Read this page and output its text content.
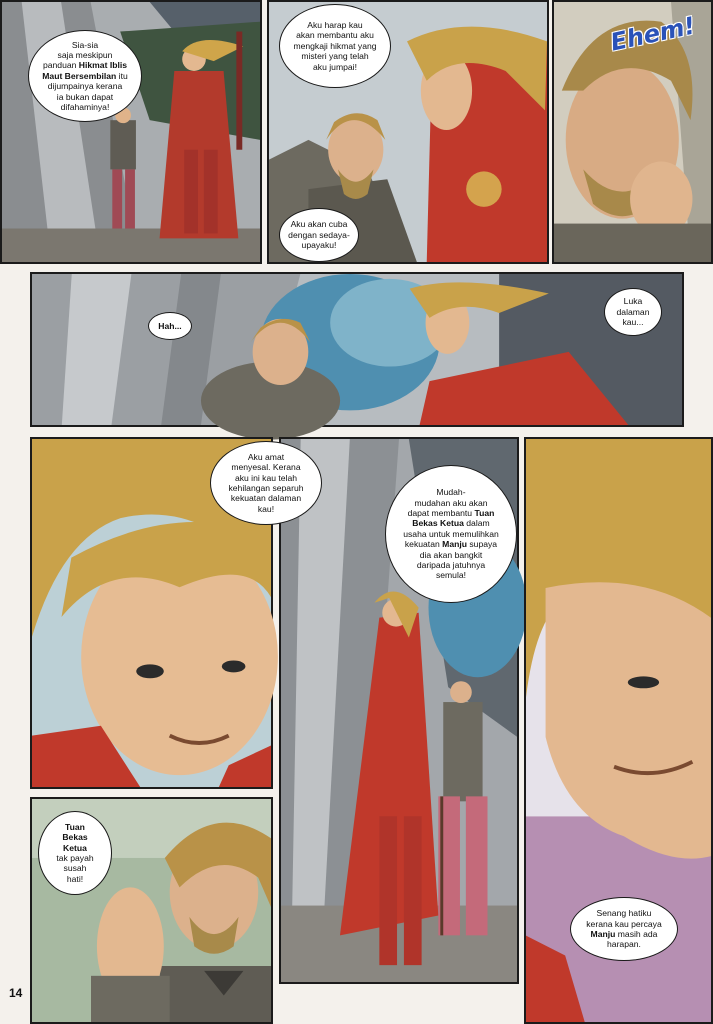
Sia-sia
saja meskipun
panduan Hikmat Iblis
Maut Bersembilan itu
dijumpainya kerana
ia bukan dapat
difahaminya!
Aku harap kau
akan membantu aku
mengkaji hikmat yang
misteri yang telah
aku jumpai!
Aku akan cuba
dengan sedaya-
upayaku!
Ehem!
Hah...
Luka
dalaman
kau...
Aku amat
menyesal. Kerana
aku ini kau telah
kehilangan separuh
kekuatan dalaman
kau!
Mudah-
mudahan aku akan
dapat membantu Tuan
Bekas Ketua dalam
usaha untuk memulihkan
kekuatan Manju supaya
dia akan bangkit
daripada jatuhnya
semula!
Senang hatiku
kerana kau percaya
Manju masih ada
harapan.
Tuan
Bekas
Ketua
tak payah
susah
hati!
14
